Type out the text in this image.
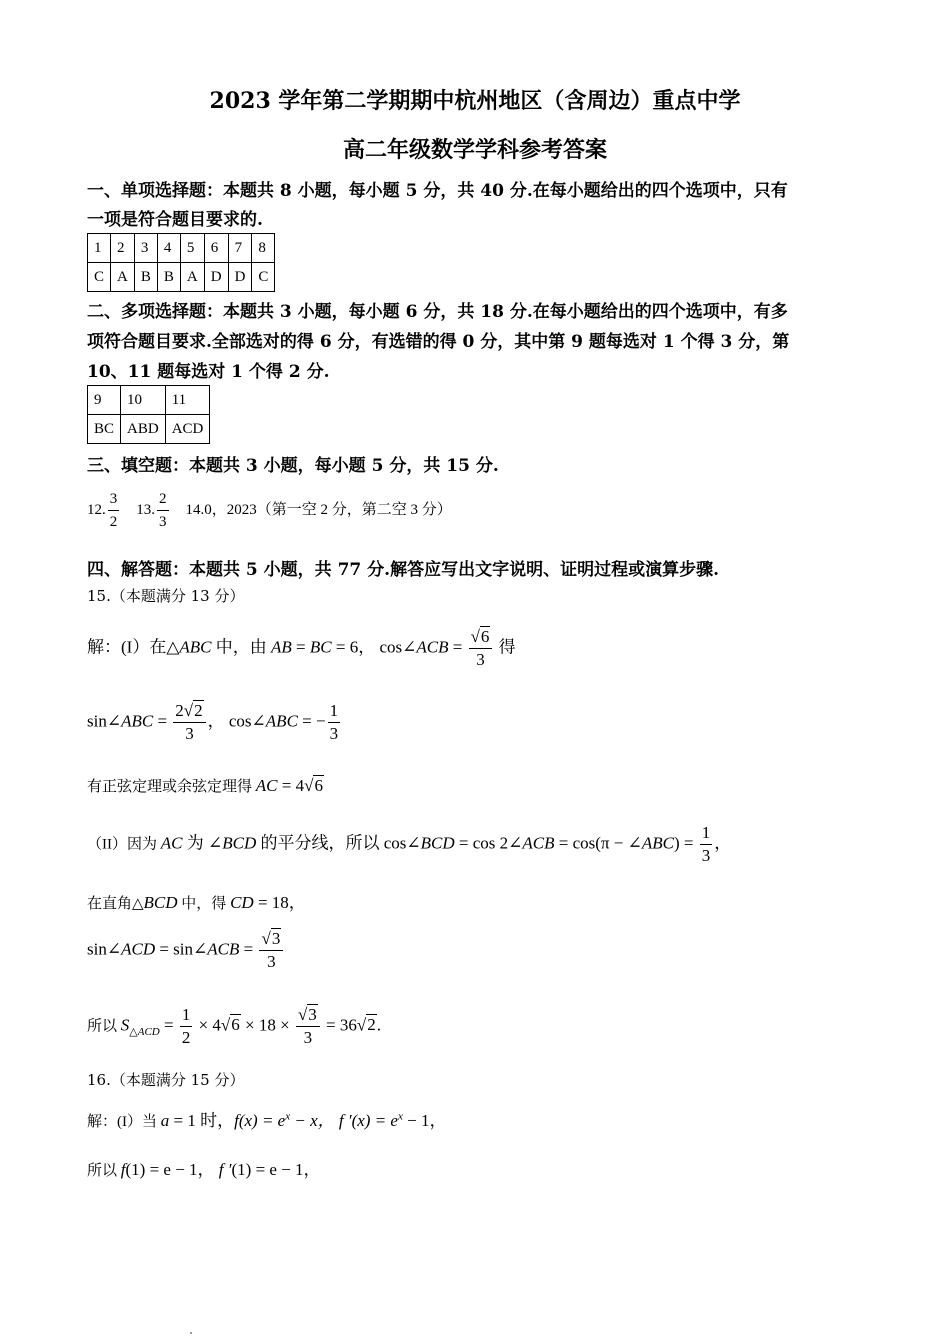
2023 学年第二学期期中杭州地区（含周边）重点中学
高二年级数学学科参考答案
一、单项选择题：本题共 8 小题，每小题 5 分，共 40 分.在每小题给出的四个选项中，只有
一项是符合题目要求的.
1	2	3	4	5	6	7	8
C	A	B	B	A	D	D	C
二、多项选择题：本题共 3 小题，每小题 6 分，共 18 分.在每小题给出的四个选项中，有多
项符合题目要求.全部选对的得 6 分，有选错的得 0 分，其中第 9 题每选对 1 个得 3 分，第
10、11 题每选对 1 个得 2 分.
9	10	11
BC	ABD	ACD
三、填空题：本题共 3 小题，每小题 5 分，共 15 分.
12. $\frac{3}{2} 13$. $\frac{2}{3} 14.0$，2023（第一空 2 分，第二空 3 分）
四、解答题：本题共 5 小题，共 77 分.解答应写出文字说明、证明过程或演算步骤.
15.（本题满分 13 分）
解：(I）在△ABC 中，由 AB = BC = 6， cos∠ACB = $\frac{√6}{3}$ 得
sin∠ABC = $\frac{2√2}{3}$ ， cos∠ABC = − $\frac{1}{3}$
有正弦定理或余弦定理得 AC = 4√6
（II）因为 AC 为 ∠BCD 的平分线，所以 cos∠BCD = cos 2∠ACB = cos(π − ∠ABC) = $\frac{1}{3}$ ，
在直角△BCD 中，得 CD = 18，
sin∠ACD = sin∠ACB = $\frac{√3}{3}$
所以 $S_{\triangle ACD} = \frac{1}{2} \times 4√6 \times 18 \times \frac{√3}{3} = 36√2$.
16.（本题满分 15 分）
解：(I）当 a = 1 时，$f(x) = e^x - x$， f $'(x) = e^x - 1$，
所以 f(1) = e − 1， f ′(1) = e − 1，
